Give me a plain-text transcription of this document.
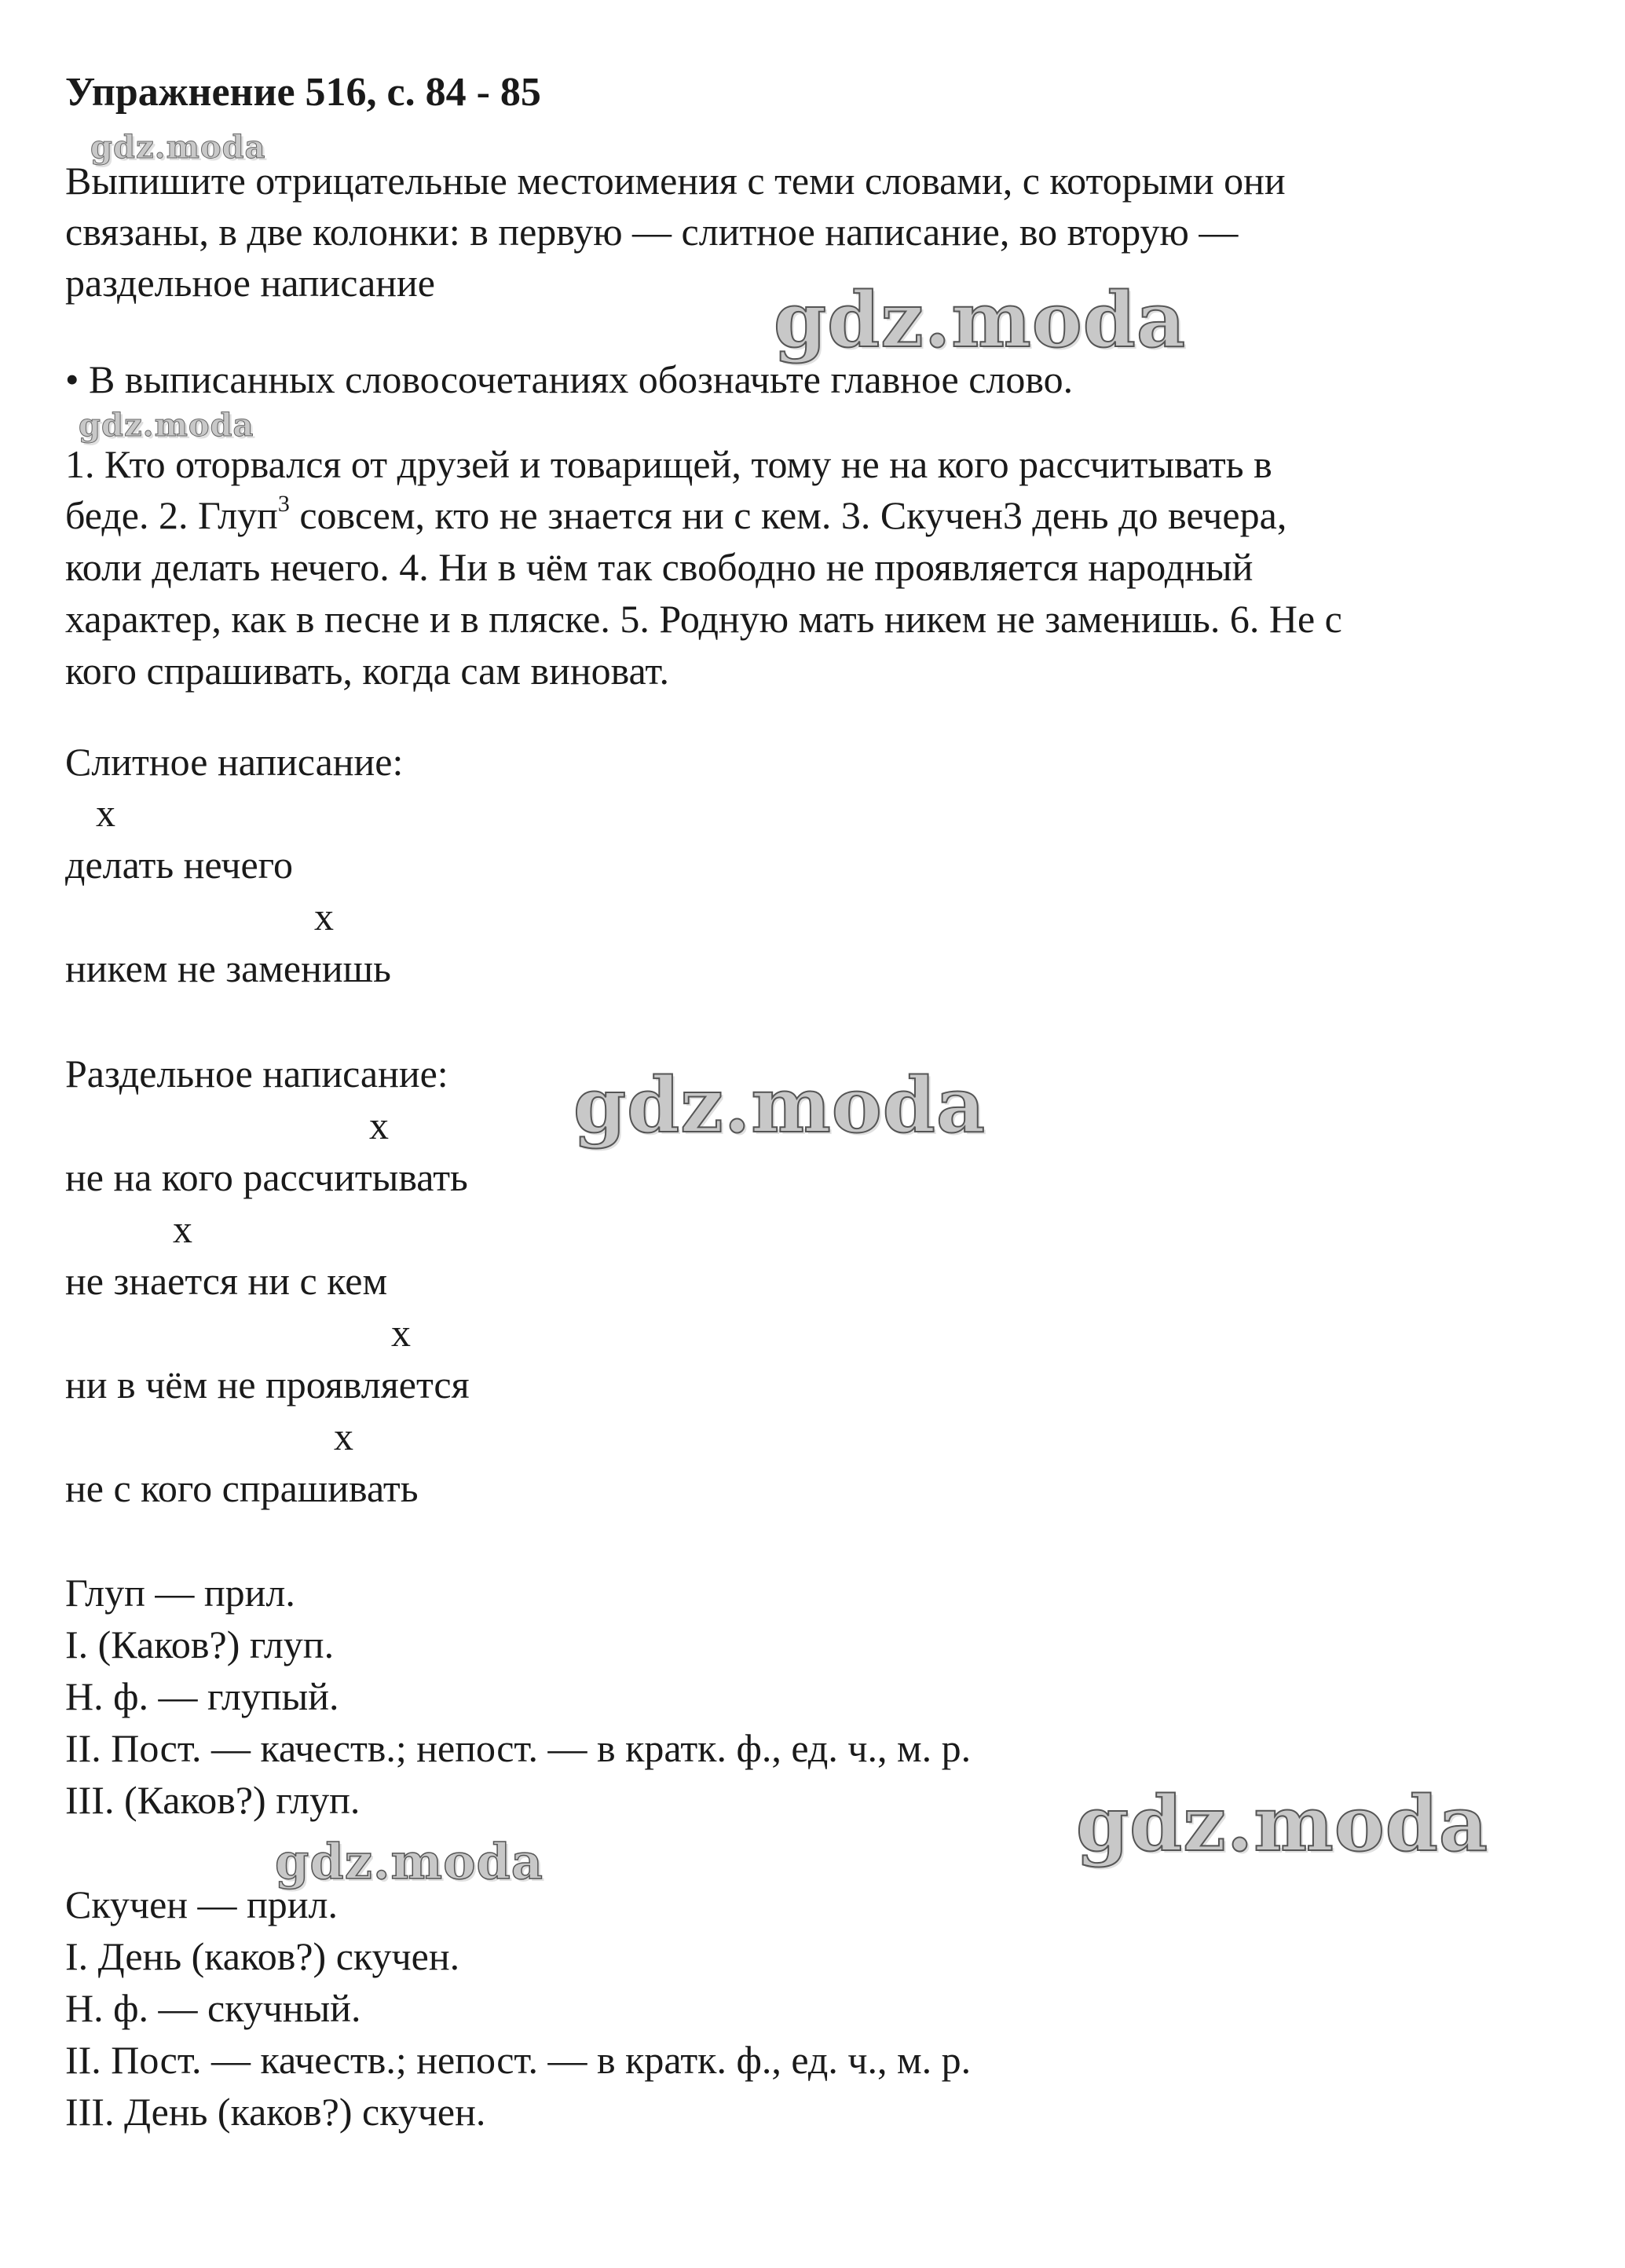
Упражнение 516, с. 84 - 85
gdz.moda
gdz.moda
gdz.moda
gdz.moda
gdz.moda
gdz.moda
Выпишите отрицательные местоимения с теми словами, с которыми они
связаны, в две колонки: в первую — слитное написание, во вторую —
раздельное написание
• В выписанных словосочетаниях обозначьте главное слово.
1. Кто оторвался от друзей и товарищей, тому не на кого рассчитывать в
беде. 2. Глуп$^3$ совсем, кто не знается ни с кем. 3. Скучен3 день до вечера,
коли делать нечего. 4. Ни в чём так свободно не проявляется народный
характер, как в песне и в пляске. 5. Родную мать никем не заменишь. 6. Не с
кого спрашивать, когда сам виноват.
Слитное написание:
x
делать нечего
x
никем не заменишь
Раздельное написание:
x
не на кого рассчитывать
x
не знается ни с кем
x
ни в чём не проявляется
x
не с кого спрашивать
Глуп — прил.
I. (Каков?) глуп.
Н. ф. — глупый.
II. Пост. — качеств.; непост. — в кратк. ф., ед. ч., м. р.
III. (Каков?) глуп.
Скучен — прил.
I. День (каков?) скучен.
Н. ф. — скучный.
II. Пост. — качеств.; непост. — в кратк. ф., ед. ч., м. р.
III. День (каков?) скучен.
